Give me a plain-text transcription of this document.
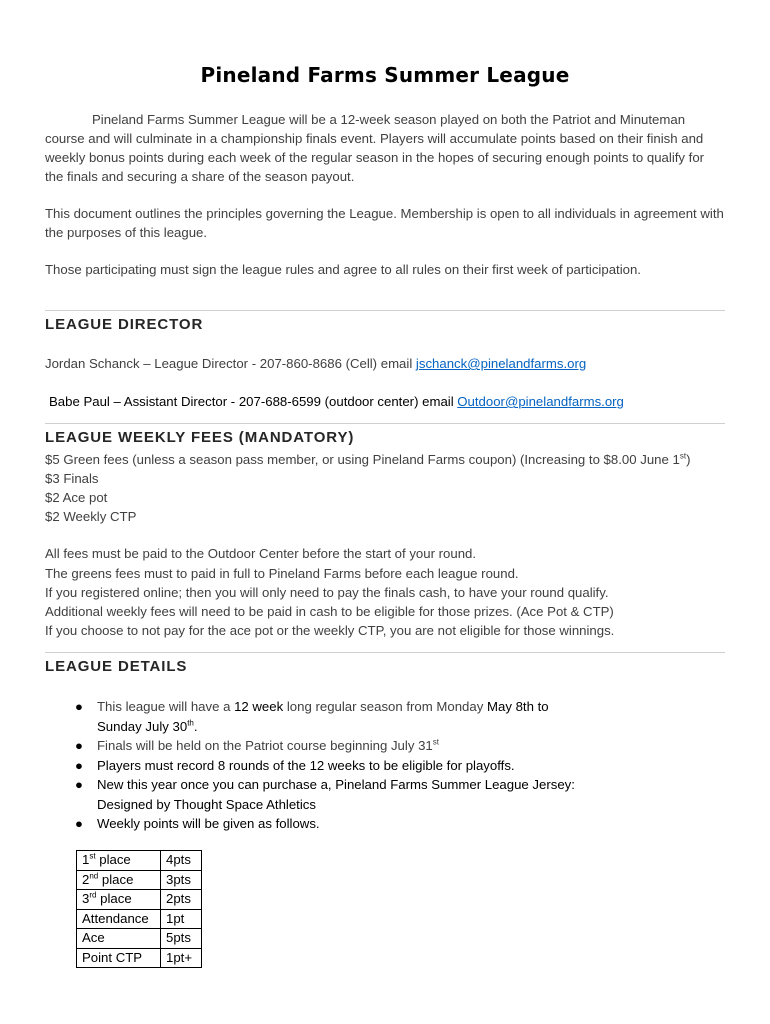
Pineland Farms Summer League

Pineland Farms Summer League will be a 12-week season played on both the Patriot and Minuteman course and will culminate in a championship finals event. Players will accumulate points based on their finish and weekly bonus points during each week of the regular season in the hopes of securing enough points to qualify for the finals and securing a share of the season payout.

This document outlines the principles governing the League. Membership is open to all individuals in agreement with the purposes of this league.

Those participating must sign the league rules and agree to all rules on their first week of participation.

LEAGUE DIRECTOR

Jordan Schanck – League Director - 207-860-8686 (Cell) email jschanck@pinelandfarms.org

Babe Paul – Assistant Director - 207-688-6599 (outdoor center) email Outdoor@pinelandfarms.org

LEAGUE WEEKLY FEES (MANDATORY)

$5 Green fees (unless a season pass member, or using Pineland Farms coupon) (Increasing to $8.00 June 1st)

$3 Finals

$2 Ace pot

$2 Weekly CTP

All fees must be paid to the Outdoor Center before the start of your round.

The greens fees must to paid in full to Pineland Farms before each league round.

If you registered online; then you will only need to pay the finals cash, to have your round qualify.

Additional weekly fees will need to be paid in cash to be eligible for those prizes. (Ace Pot & CTP)

If you choose to not pay for the ace pot or the weekly CTP, you are not eligible for those winnings.

LEAGUE DETAILS
● This league will have a 12 week long regular season from Monday May 8th to
Sunday July 30th.
● Finals will be held on the Patriot course beginning July 31st
● Players must record 8 rounds of the 12 weeks to be eligible for playoffs.
● New this year once you can purchase a, Pineland Farms Summer League Jersey:
Designed by Thought Space Athletics
● Weekly points will be given as follows.
1st place	4pts
2nd place	3pts
3rd place	2pts
Attendance	1pt
Ace	5pts
Point CTP	1pt+
